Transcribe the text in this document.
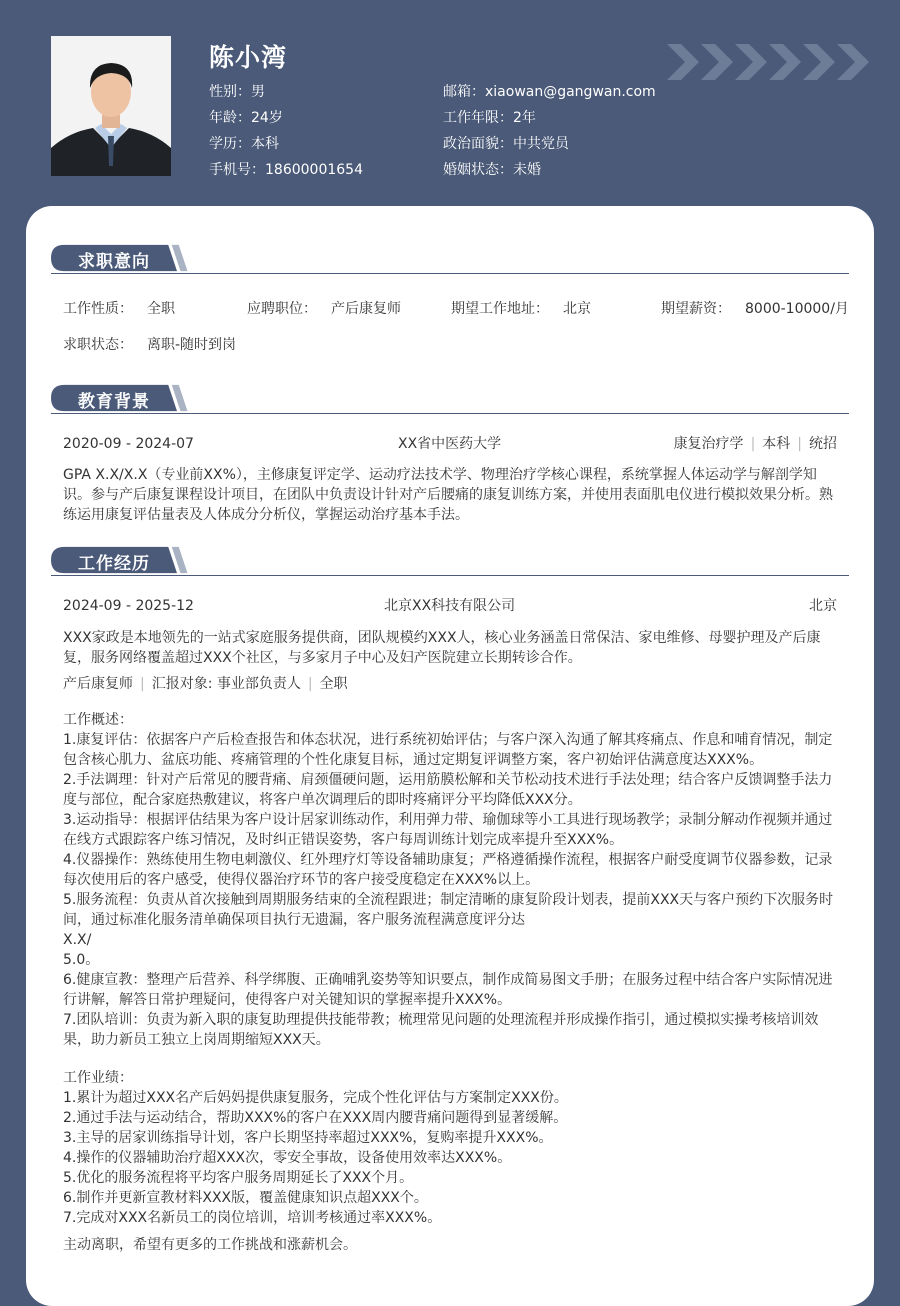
陈小湾
性别：男
年龄：24岁
学历：本科
手机号：18600001654
邮箱：xiaowan@gangwan.com
工作年限：2年
政治面貌：中共党员
婚姻状态：未婚
求职意向
工作性质： 全职	应聘职位： 产后康复师	期望工作地址： 北京	期望薪资： 8000-10000/月
求职状态： 离职-随时到岗
教育背景
2020-09 - 2024-07	XX省中医药大学	康复治疗学 | 本科 | 统招
GPA X.X/X.X（专业前XX%），主修康复评定学、运动疗法技术学、物理治疗学核心课程，系统掌握人体运动学与解剖学知识。参与产后康复课程设计项目，在团队中负责设计针对产后腰痛的康复训练方案，并使用表面肌电仪进行模拟效果分析。熟练运用康复评估量表及人体成分分析仪，掌握运动治疗基本手法。
工作经历
2024-09 - 2025-12	北京XX科技有限公司	北京
XXX家政是本地领先的一站式家庭服务提供商，团队规模约XXX人，核心业务涵盖日常保洁、家电维修、母婴护理及产后康复，服务网络覆盖超过XXX个社区，与多家月子中心及妇产医院建立长期转诊合作。
产后康复师 | 汇报对象: 事业部负责人 | 全职
工作概述：
1.康复评估：依据客户产后检查报告和体态状况，进行系统初始评估；与客户深入沟通了解其疼痛点、作息和哺育情况，制定包含核心肌力、盆底功能、疼痛管理的个性化康复目标，通过定期复评调整方案，客户初始评估满意度达XXX%。
2.手法调理：针对产后常见的腰背痛、肩颈僵硬问题，运用筋膜松解和关节松动技术进行手法处理；结合客户反馈调整手法力度与部位，配合家庭热敷建议，将客户单次调理后的即时疼痛评分平均降低XXX分。
3.运动指导：根据评估结果为客户设计居家训练动作，利用弹力带、瑜伽球等小工具进行现场教学；录制分解动作视频并通过在线方式跟踪客户练习情况，及时纠正错误姿势，客户每周训练计划完成率提升至XXX%。
4.仪器操作：熟练使用生物电刺激仪、红外理疗灯等设备辅助康复；严格遵循操作流程，根据客户耐受度调节仪器参数，记录每次使用后的客户感受，使得仪器治疗环节的客户接受度稳定在XXX%以上。
5.服务流程：负责从首次接触到周期服务结束的全流程跟进；制定清晰的康复阶段计划表，提前XXX天与客户预约下次服务时间，通过标准化服务清单确保项目执行无遗漏，客户服务流程满意度评分达
X.X/
5.0。
6.健康宣教：整理产后营养、科学绑腹、正确哺乳姿势等知识要点，制作成简易图文手册；在服务过程中结合客户实际情况进行讲解，解答日常护理疑问，使得客户对关键知识的掌握率提升XXX%。
7.团队培训：负责为新入职的康复助理提供技能带教；梳理常见问题的处理流程并形成操作指引，通过模拟实操考核培训效果，助力新员工独立上岗周期缩短XXX天。
工作业绩：
1.累计为超过XXX名产后妈妈提供康复服务，完成个性化评估与方案制定XXX份。
2.通过手法与运动结合，帮助XXX%的客户在XXX周内腰背痛问题得到显著缓解。
3.主导的居家训练指导计划，客户长期坚持率超过XXX%，复购率提升XXX%。
4.操作的仪器辅助治疗超XXX次，零安全事故，设备使用效率达XXX%。
5.优化的服务流程将平均客户服务周期延长了XXX个月。
6.制作并更新宣教材料XXX版，覆盖健康知识点超XXX个。
7.完成对XXX名新员工的岗位培训，培训考核通过率XXX%。
主动离职，希望有更多的工作挑战和涨薪机会。
